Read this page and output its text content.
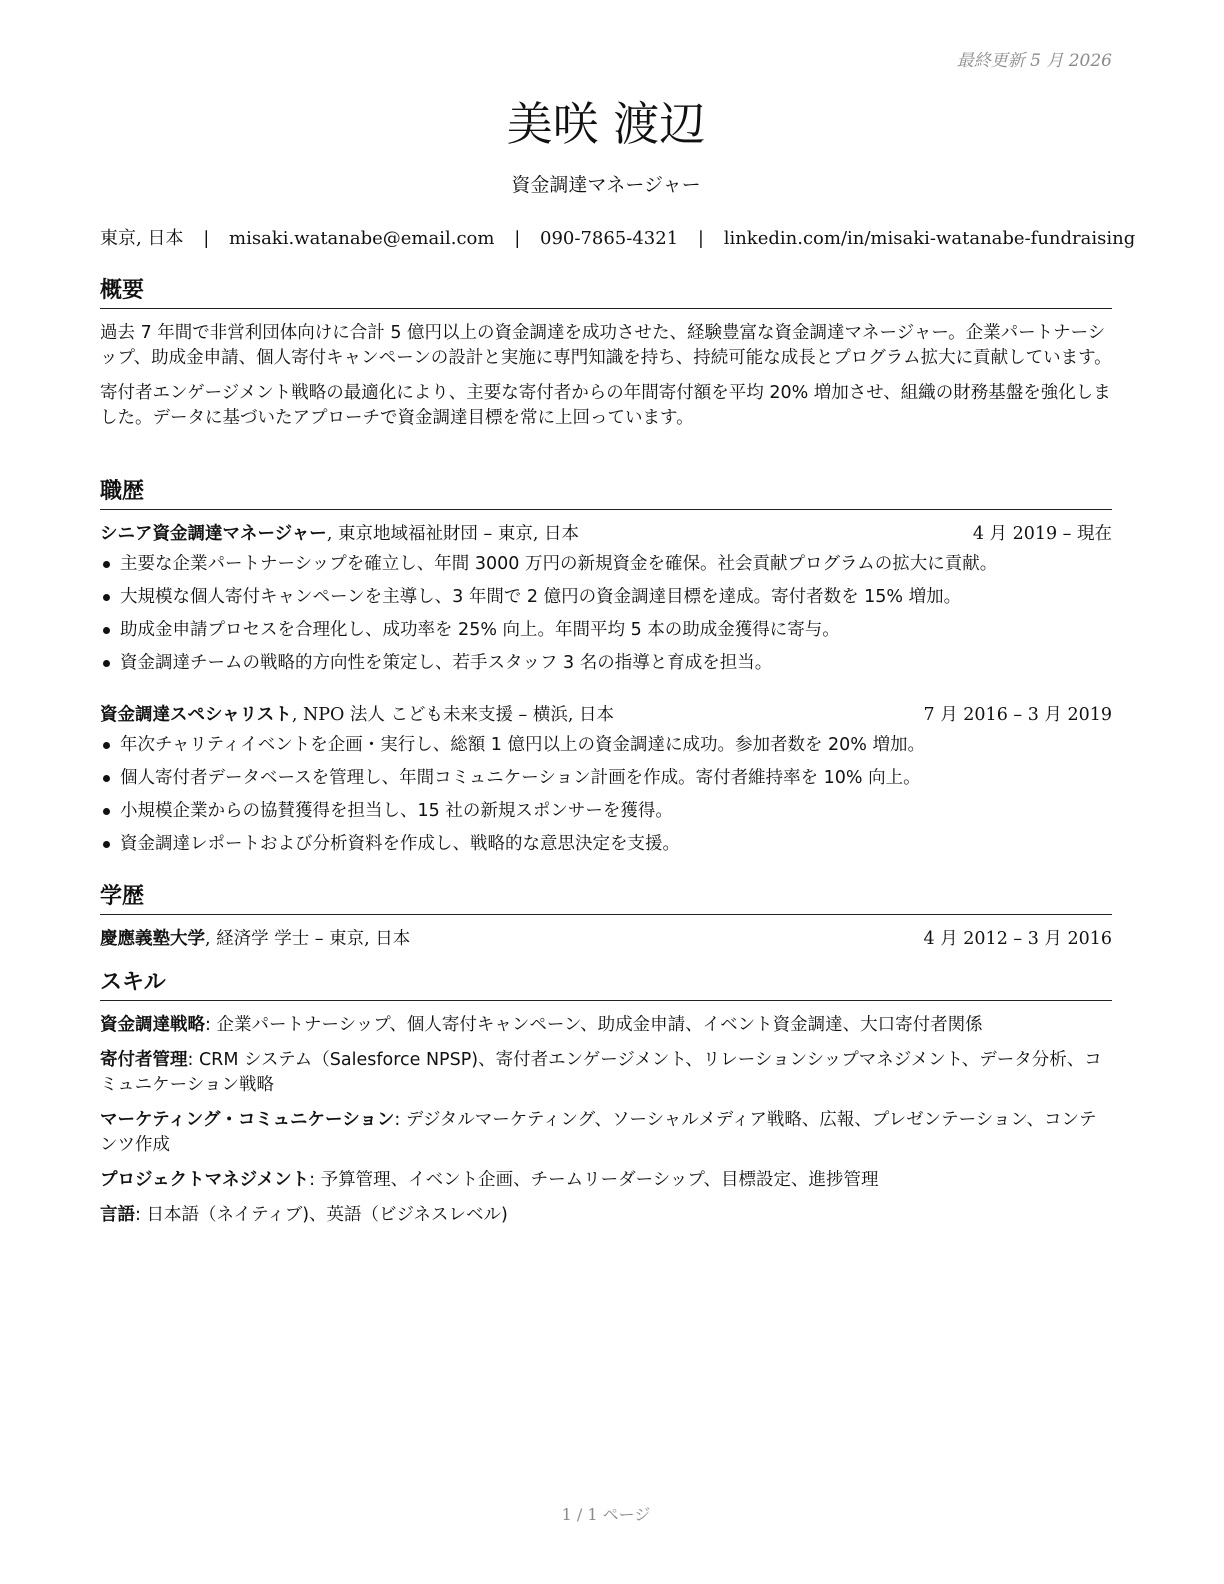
最終更新 5 月 2026
美咲 渡辺
資金調達マネージャー
東京, 日本 | misaki.watanabe@email.com | 090-7865-4321 | linkedin.com/in/misaki-watanabe-fundraising
概要

過去 7 年間で非営利団体向けに合計 5 億円以上の資金調達を成功させた、経験豊富な資金調達マネージャー。企業パートナーシップ、助成金申請、個人寄付キャンペーンの設計と実施に専門知識を持ち、持続可能な成長とプログラム拡大に貢献しています。

寄付者エンゲージメント戦略の最適化により、主要な寄付者からの年間寄付額を平均 20% 増加させ、組織の財務基盤を強化しました。データに基づいたアプローチで資金調達目標を常に上回っています。

職歴
シニア資金調達マネージャー, 東京地域福祉財団 – 東京, 日本	4 月 2019 – 現在
主要な企業パートナーシップを確立し、年間 3000 万円の新規資金を確保。社会貢献プログラムの拡大に貢献。
大規模な個人寄付キャンペーンを主導し、3 年間で 2 億円の資金調達目標を達成。寄付者数を 15% 増加。
助成金申請プロセスを合理化し、成功率を 25% 向上。年間平均 5 本の助成金獲得に寄与。
資金調達チームの戦略的方向性を策定し、若手スタッフ 3 名の指導と育成を担当。
資金調達スペシャリスト, NPO 法人 こども未来支援 – 横浜, 日本	7 月 2016 – 3 月 2019
年次チャリティイベントを企画・実行し、総額 1 億円以上の資金調達に成功。参加者数を 20% 増加。
個人寄付者データベースを管理し、年間コミュニケーション計画を作成。寄付者維持率を 10% 向上。
小規模企業からの協賛獲得を担当し、15 社の新規スポンサーを獲得。
資金調達レポートおよび分析資料を作成し、戦略的な意思決定を支援。
学歴
慶應義塾大学, 経済学 学士 – 東京, 日本	4 月 2012 – 3 月 2016
スキル
資金調達戦略: 企業パートナーシップ、個人寄付キャンペーン、助成金申請、イベント資金調達、大口寄付者関係
寄付者管理: CRM システム（Salesforce NPSP)、寄付者エンゲージメント、リレーションシップマネジメント、データ分析、コミュニケーション戦略
マーケティング・コミュニケーション: デジタルマーケティング、ソーシャルメディア戦略、広報、プレゼンテーション、コンテンツ作成
プロジェクトマネジメント: 予算管理、イベント企画、チームリーダーシップ、目標設定、進捗管理
言語: 日本語（ネイティブ)、英語（ビジネスレベル)
1 / 1 ページ
